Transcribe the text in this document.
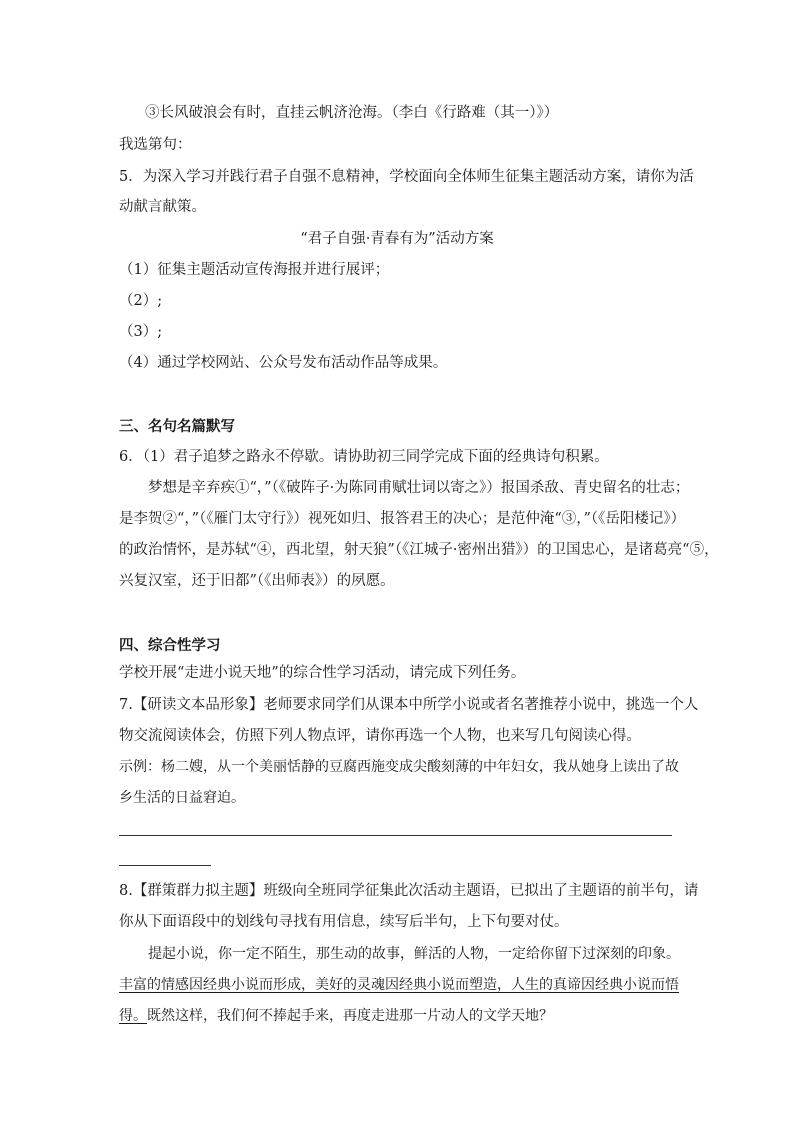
③长风破浪会有时，直挂云帆济沧海。（李白《行路难（其一）》）
我选第句：
5．为深入学习并践行君子自强不息精神，学校面向全体师生征集主题活动方案，请你为活
动献言献策。
“君子自强·青春有为”活动方案
（1）征集主题活动宣传海报并进行展评；
（2）;
（3）;
（4）通过学校网站、公众号发布活动作品等成果。
三、名句名篇默写
6．（1）君子追梦之路永不停歇。请协助初三同学完成下面的经典诗句积累。
梦想是辛弃疾①“，”（《破阵子·为陈同甫赋壮词以寄之》）报国杀敌、青史留名的壮志；
是李贺②“，”（《雁门太守行》）视死如归、报答君王的决心；是范仲淹“③，”（《岳阳楼记》）
的政治情怀，是苏轼“④，西北望，射天狼”（《江城子·密州出猎》）的卫国忠心，是诸葛亮“⑤，
兴复汉室，还于旧都”（《出师表》）的夙愿。
四、综合性学习
学校开展“走进小说天地”的综合性学习活动，请完成下列任务。
7.【研读文本品形象】老师要求同学们从课本中所学小说或者名著推荐小说中，挑选一个人
物交流阅读体会，仿照下列人物点评，请你再选一个人物，也来写几句阅读心得。
示例：杨二嫂，从一个美丽恬静的豆腐西施变成尖酸刻薄的中年妇女，我从她身上读出了故
乡生活的日益窘迫。
8.【群策群力拟主题】班级向全班同学征集此次活动主题语，已拟出了主题语的前半句，请
你从下面语段中的划线句寻找有用信息，续写后半句，上下句要对仗。
提起小说，你一定不陌生，那生动的故事，鲜活的人物，一定给你留下过深刻的印象。
丰富的情感因经典小说而形成，美好的灵魂因经典小说而塑造，人生的真谛因经典小说而悟
得。既然这样，我们何不捧起手来，再度走进那一片动人的文学天地？
